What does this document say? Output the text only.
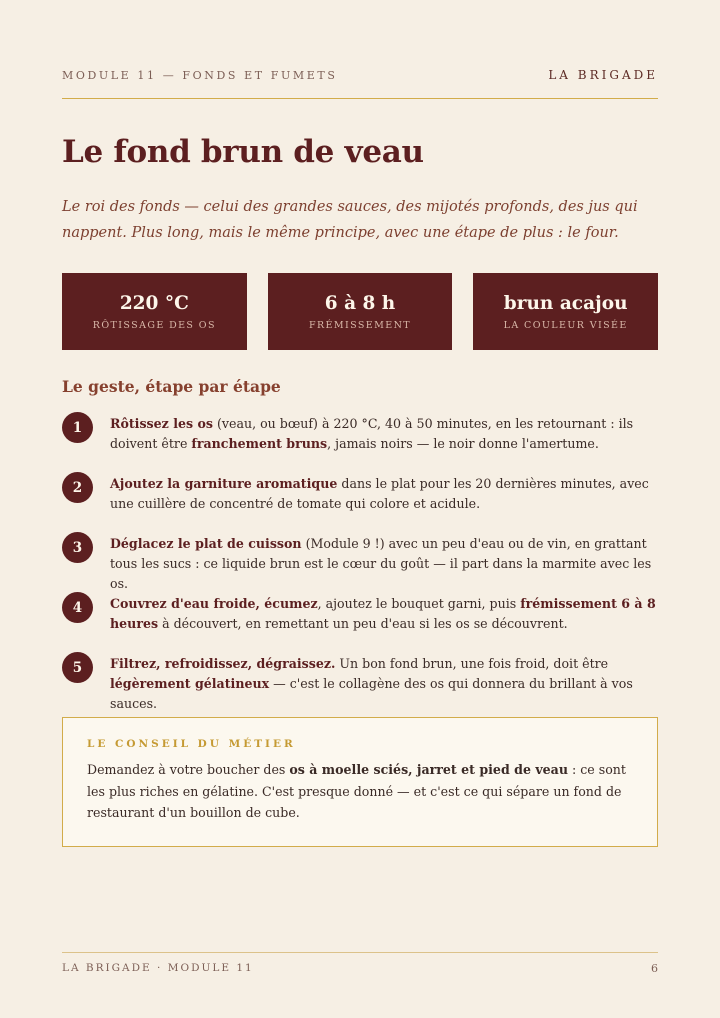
MODULE 11 — FONDS ET FUMETS	LA BRIGADE
Le fond brun de veau

Le roi des fonds — celui des grandes sauces, des mijotés profonds, des jus qui nappent. Plus long, mais le même principe, avec une étape de plus : le four.

220 °C
RÔTISSAGE DES OS
6 à 8 h
FRÉMISSEMENT
brun acajou
LA COULEUR VISÉE
Le geste, étape par étape
1	Rôtissez les os (veau, ou bœuf) à 220 °C, 40 à 50 minutes, en les retournant : ils doivent être franchement bruns, jamais noirs — le noir donne l'amertume.
2	Ajoutez la garniture aromatique dans le plat pour les 20 dernières minutes, avec une cuillère de concentré de tomate qui colore et acidule.
3	Déglacez le plat de cuisson (Module 9 !) avec un peu d'eau ou de vin, en grattant tous les sucs : ce liquide brun est le cœur du goût — il part dans la marmite avec les os.
4	Couvrez d'eau froide, écumez, ajoutez le bouquet garni, puis frémissement 6 à 8 heures à découvert, en remettant un peu d'eau si les os se découvrent.
5	Filtrez, refroidissez, dégraissez. Un bon fond brun, une fois froid, doit être légèrement gélatineux — c'est le collagène des os qui donnera du brillant à vos sauces.
LE CONSEIL DU MÉTIER
Demandez à votre boucher des os à moelle sciés, jarret et pied de veau : ce sont les plus riches en gélatine. C'est presque donné — et c'est ce qui sépare un fond de restaurant d'un bouillon de cube.
LA BRIGADE · MODULE 11	6
